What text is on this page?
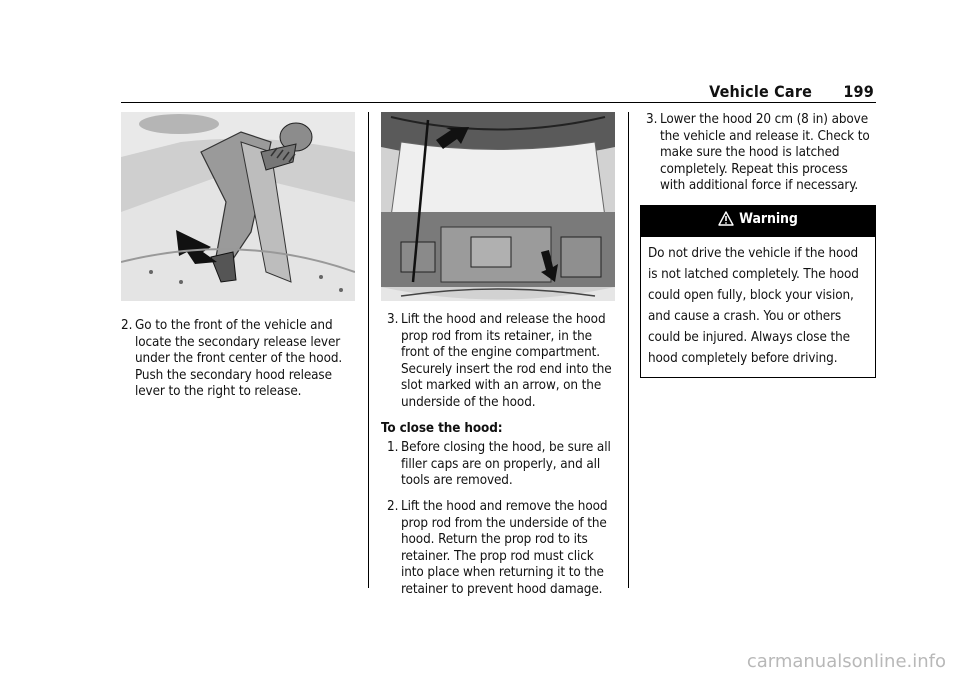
Vehicle Care 199
2. Go to the front of the vehicle and locate the secondary release lever under the front center of the hood. Push the secondary hood release lever to the right to release.
3. Lift the hood and release the hood prop rod from its retainer, in the front of the engine compartment. Securely insert the rod end into the slot marked with an arrow, on the underside of the hood.
To close the hood:
1. Before closing the hood, be sure all filler caps are on properly, and all tools are removed.
2. Lift the hood and remove the hood prop rod from the underside of the hood. Return the prop rod to its retainer. The prop rod must click into place when returning it to the retainer to prevent hood damage.
3. Lower the hood 20 cm (8 in) above the vehicle and release it. Check to make sure the hood is latched completely. Repeat this process with additional force if necessary.
Warning
Do not drive the vehicle if the hood is not latched completely. The hood could open fully, block your vision, and cause a crash. You or others could be injured. Always close the hood completely before driving.
carmanualsonline.info
